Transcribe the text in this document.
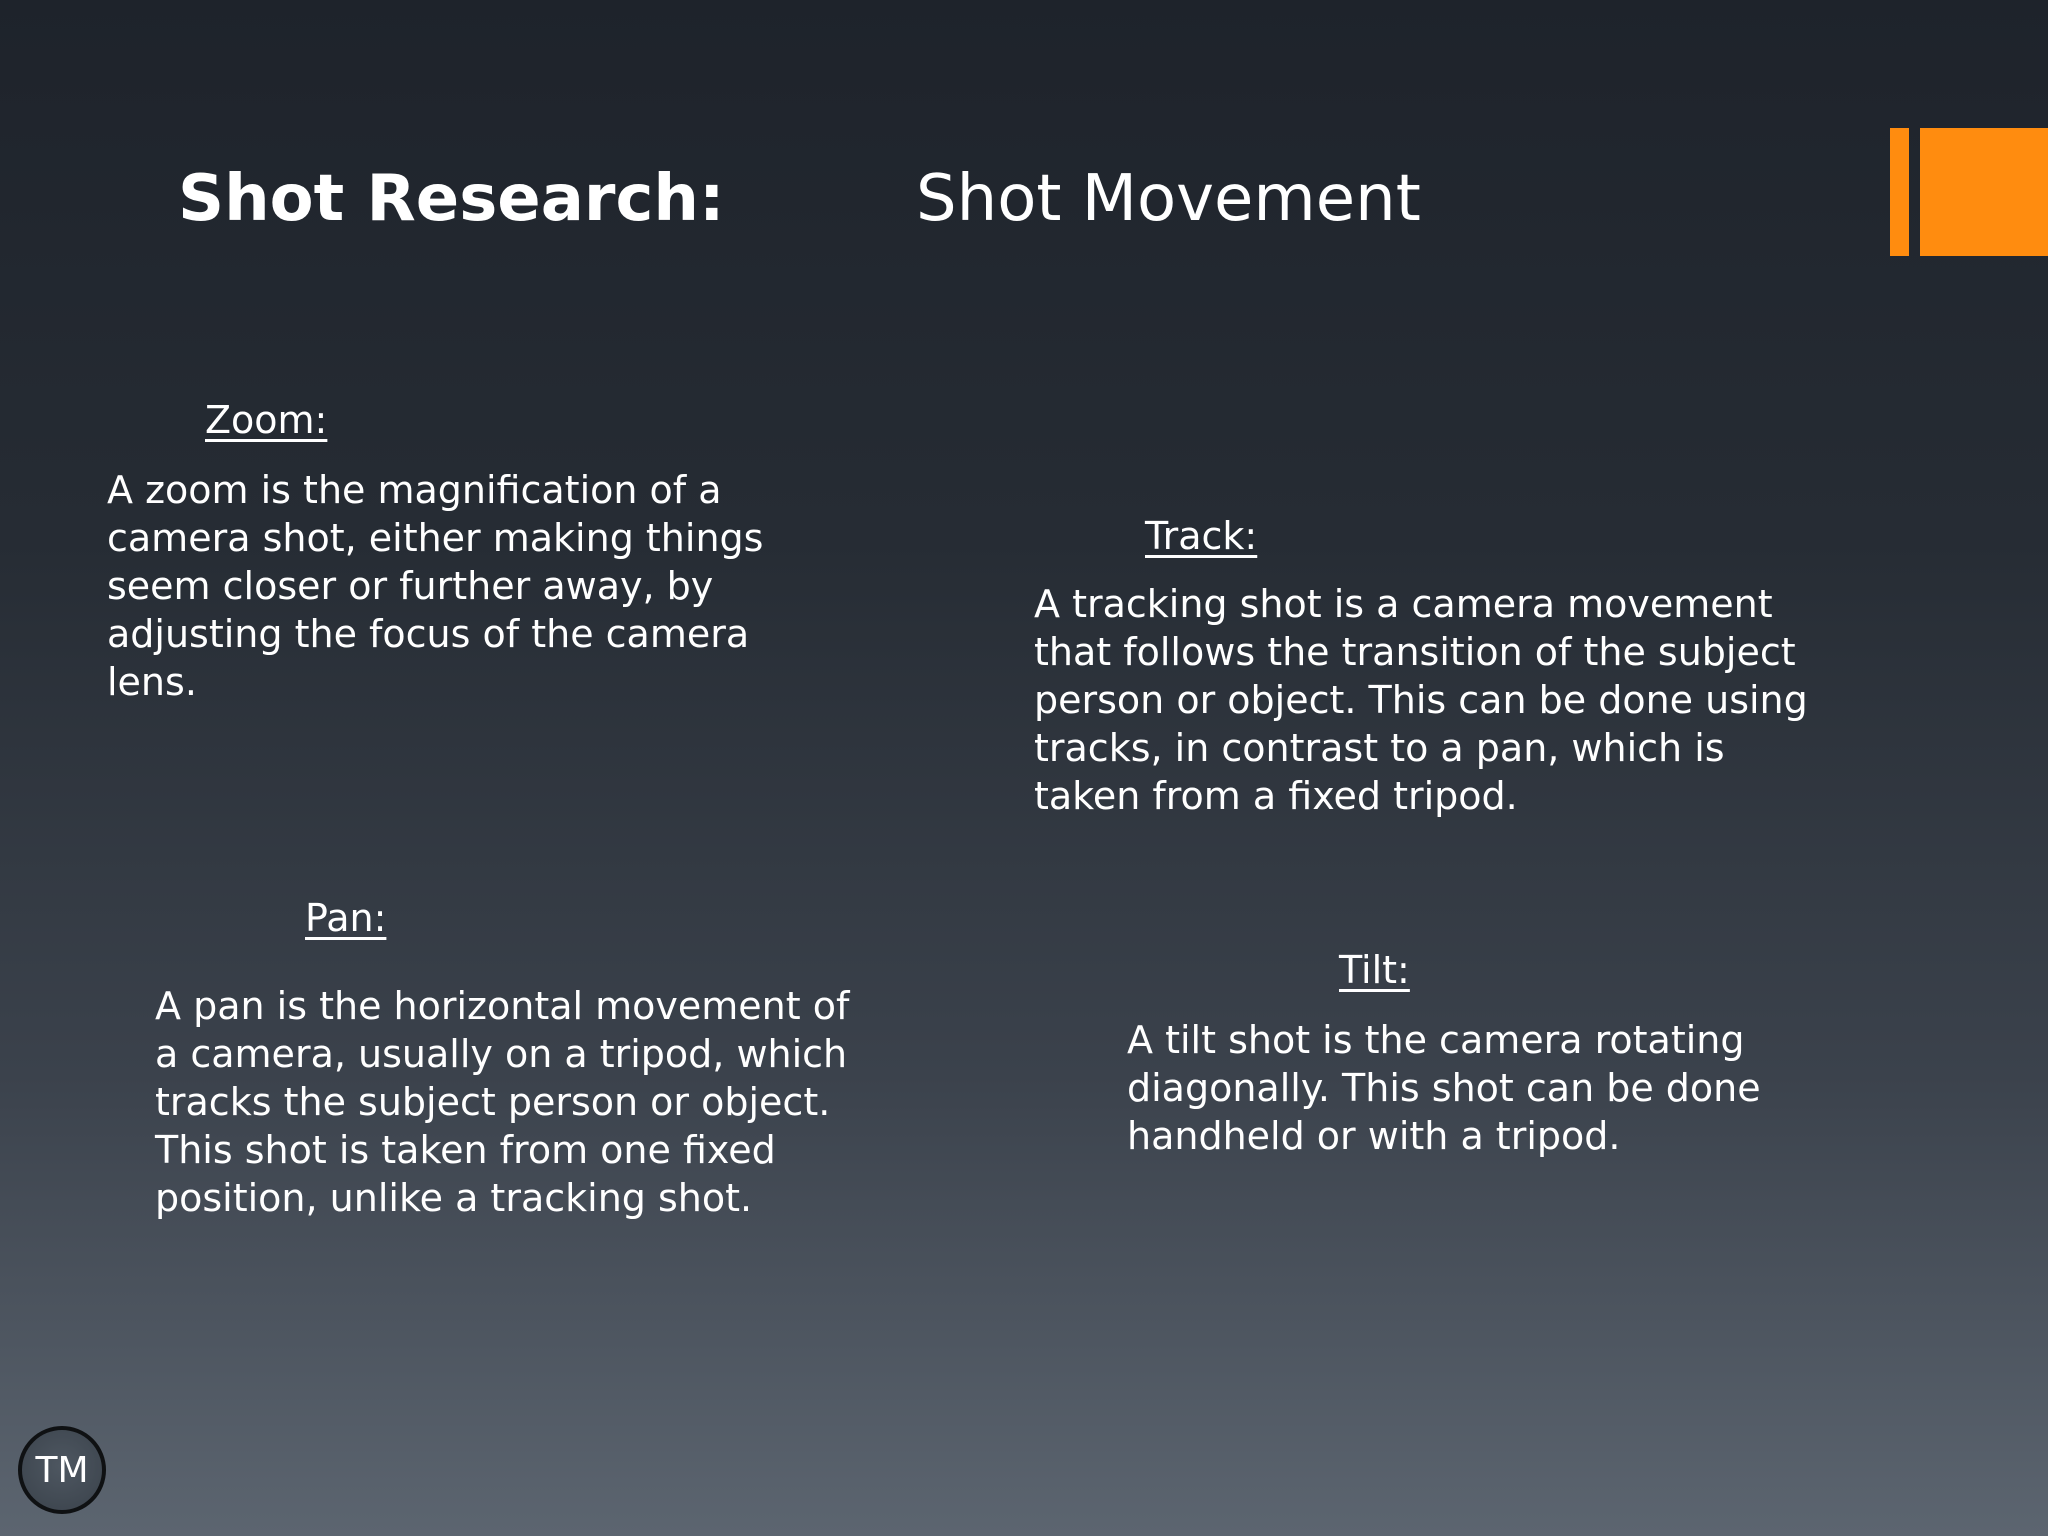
Shot Research:	Shot Movement
Zoom:
A zoom is the magnification of a
camera shot, either making things
seem closer or further away, by
adjusting the focus of the camera
lens.
Track:
A tracking shot is a camera movement
that follows the transition of the subject
person or object. This can be done using
tracks, in contrast to a pan, which is
taken from a fixed tripod.
Pan:
A pan is the horizontal movement of
a camera, usually on a tripod, which
tracks the subject person or object.
This shot is taken from one fixed
position, unlike a tracking shot.
Tilt:
A tilt shot is the camera rotating
diagonally. This shot can be done
handheld or with a tripod.
TM
